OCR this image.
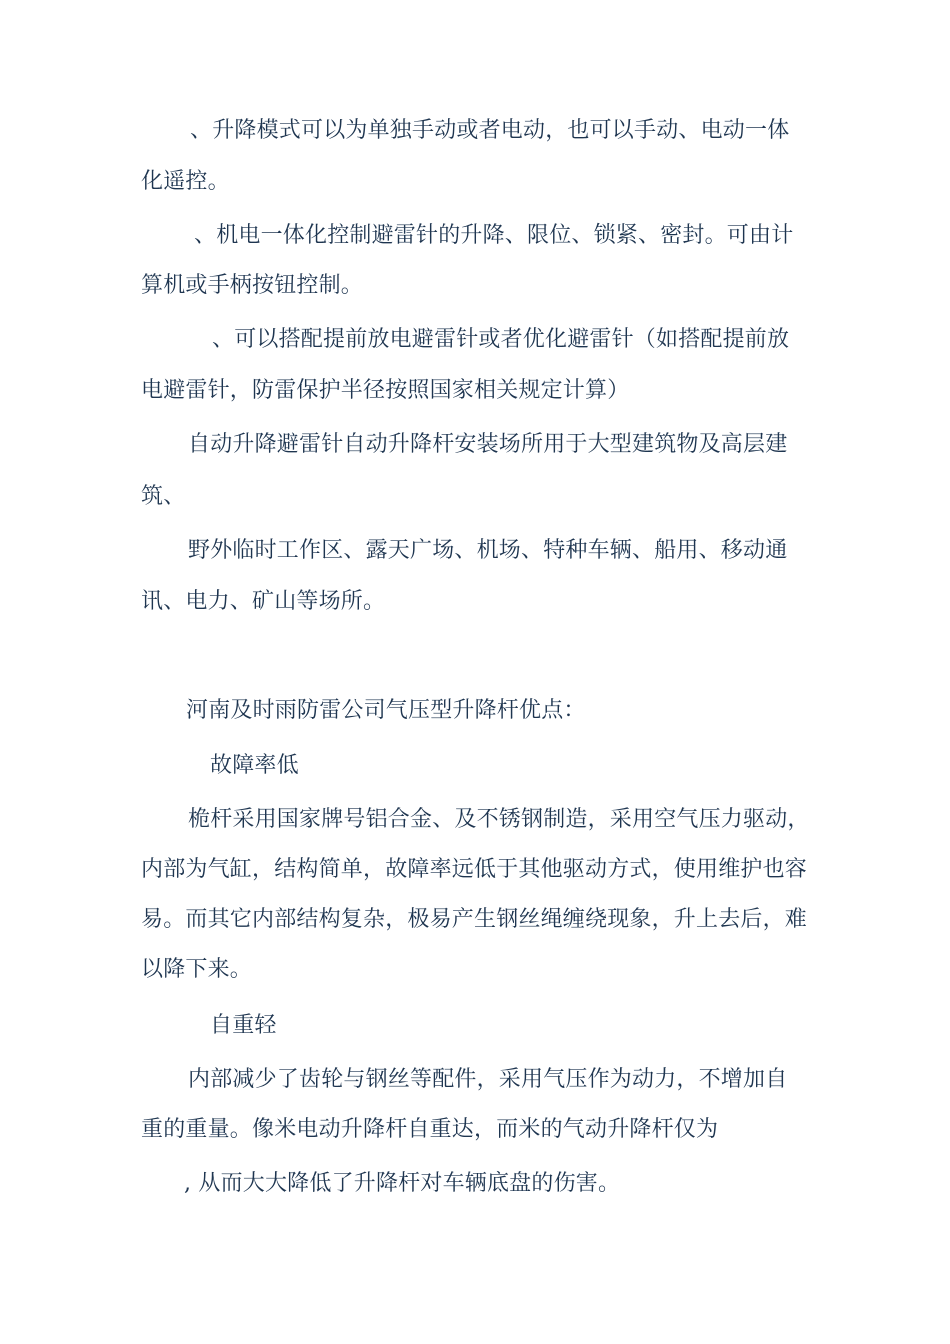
、升降模式可以为单独手动或者电动，也可以手动、电动一体
化遥控。
、机电一体化控制避雷针的升降、限位、锁紧、密封。可由计
算机或手柄按钮控制。
、可以搭配提前放电避雷针或者优化避雷针（如搭配提前放
电避雷针，防雷保护半径按照国家相关规定计算）
自动升降避雷针自动升降杆安装场所用于大型建筑物及高层建
筑、
野外临时工作区、露天广场、机场、特种车辆、船用、移动通
讯、电力、矿山等场所。
河南及时雨防雷公司气压型升降杆优点：
故障率低
桅杆采用国家牌号铝合金、及不锈钢制造，采用空气压力驱动，
内部为气缸，结构简单，故障率远低于其他驱动方式，使用维护也容
易。而其它内部结构复杂，极易产生钢丝绳缠绕现象，升上去后，难
以降下来。
自重轻
内部减少了齿轮与钢丝等配件，采用气压作为动力，不增加自
重的重量。像米电动升降杆自重达，而米的气动升降杆仅为
, 从而大大降低了升降杆对车辆底盘的伤害。
